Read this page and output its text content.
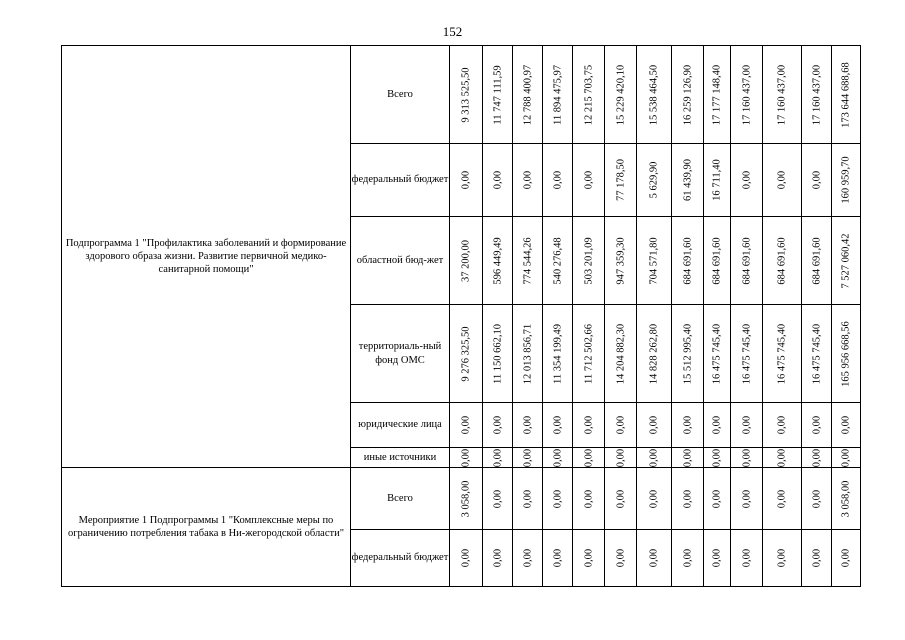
152
Подпрограмма 1 "Профилактика заболеваний и формирование здорового образа жизни. Развитие первичной медико-санитарной помощи"	Всего	9 313 525,50	11 747 111,59	12 788 400,97	11 894 475,97	12 215 703,75	15 229 420,10	15 538 464,50	16 259 126,90	17 177 148,40	17 160 437,00	17 160 437,00	17 160 437,00	173 644 688,68

	федеральный бюджет	0,00	0,00	0,00	0,00	0,00	77 178,50	5 629,90	61 439,90	16 711,40	0,00	0,00	0,00	160 959,70

	областной бюд-жет	37 200,00	596 449,49	774 544,26	540 276,48	503 201,09	947 359,30	704 571,80	684 691,60	684 691,60	684 691,60	684 691,60	684 691,60	7 527 060,42

	территориаль-ный фонд ОМС	9 276 325,50	11 150 662,10	12 013 856,71	11 354 199,49	11 712 502,66	14 204 882,30	14 828 262,80	15 512 995,40	16 475 745,40	16 475 745,40	16 475 745,40	16 475 745,40	165 956 668,56

	юридические лица	0,00	0,00	0,00	0,00	0,00	0,00	0,00	0,00	0,00	0,00	0,00	0,00	0,00

	иные источники	0,00	0,00	0,00	0,00	0,00	0,00	0,00	0,00	0,00	0,00	0,00	0,00	0,00

Мероприятие 1 Подпрограммы 1 "Комплексные меры по ограничению потребления табака в Ни-жегородской области"	Всего	3 058,00	0,00	0,00	0,00	0,00	0,00	0,00	0,00	0,00	0,00	0,00	0,00	3 058,00

	федеральный бюджет	0,00	0,00	0,00	0,00	0,00	0,00	0,00	0,00	0,00	0,00	0,00	0,00	0,00
